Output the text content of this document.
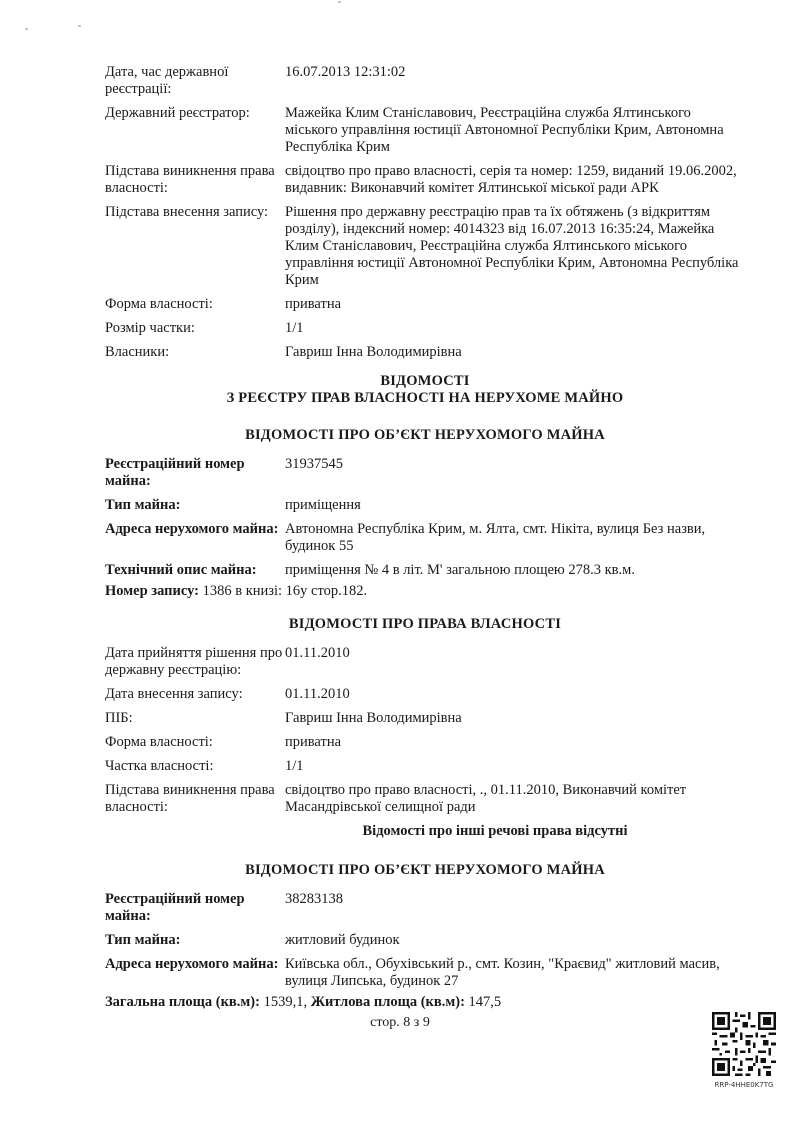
Дата, час державної реєстрації:
16.07.2013 12:31:02
Державний реєстратор:	Мажейка Клим Станіславович, Реєстраційна служба Ялтинського міського управління юстиції Автономної Республіки Крим, Автономна Республіка Крим
Підстава виникнення права власності:
свідоцтво про право власності, серія та номер: 1259, виданий 19.06.2002, видавник: Виконавчий комітет Ялтинської міської ради АРК
Підстава внесення запису:	Рішення про державну реєстрацію прав та їх обтяжень (з відкриттям розділу), індексний номер: 4014323 від 16.07.2013 16:35:24, Мажейка Клим Станіславович, Реєстраційна служба Ялтинського міського управління юстиції Автономної Республіки Крим, Автономна Республіка Крим
Форма власності:	приватна
Розмір частки:	1/1
Власники:	Гавриш Інна Володимирівна
ВІДОМОСТІ
З РЕЄСТРУ ПРАВ ВЛАСНОСТІ НА НЕРУХОМЕ МАЙНО
ВІДОМОСТІ ПРО ОБ’ЄКТ НЕРУХОМОГО МАЙНА
Реєстраційний номер майна:
31937545
Тип майна:	приміщення
Адреса нерухомого майна: Автономна Республіка Крим, м. Ялта, смт. Нікіта, вулиця Без назви, будинок 55
Технічний опис майна:	приміщення № 4 в літ. М' загальною площею 278.3 кв.м.
Номер запису: 1386 в книзі: 16у стор.182.
ВІДОМОСТІ ПРО ПРАВА ВЛАСНОСТІ
Дата прийняття рішення про державну реєстрацію:
01.11.2010
Дата внесення запису:	01.11.2010
ПІБ:	Гавриш Інна Володимирівна
Форма власності:	приватна
Частка власності:	1/1
Підстава виникнення права власності:
свідоцтво про право власності, ., 01.11.2010, Виконавчий комітет Масандрівської селищної ради
Відомості про інші речові права відсутні
ВІДОМОСТІ ПРО ОБ’ЄКТ НЕРУХОМОГО МАЙНА
Реєстраційний номер майна:
38283138
Тип майна:	житловий будинок
Адреса нерухомого майна: Київська обл., Обухівський р., смт. Козин, "Краєвид" житловий масив, вулиця Липська, будинок 27
Загальна площа (кв.м): 1539,1, Житлова площа (кв.м): 147,5
стор. 8 з 9
RRP-4HHE0K7TG
